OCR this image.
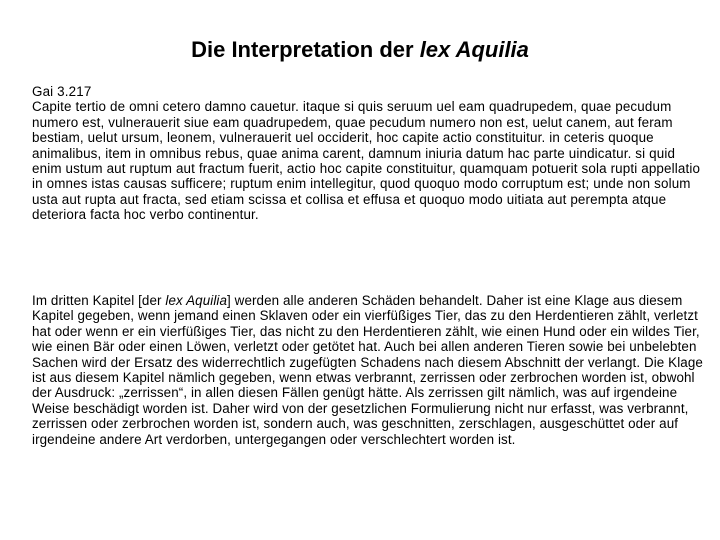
Die Interpretation der lex Aquilia

Gai 3.217

Capite tertio de omni cetero damno cauetur. itaque si quis seruum uel eam quadrupedem, quae pecudum numero est, vulnerauerit siue eam quadrupedem, quae pecudum numero non est, uelut canem, aut feram bestiam, uelut ursum, leonem, vulnerauerit uel occiderit, hoc capite actio constituitur. in ceteris quoque animalibus, item in omnibus rebus, quae anima carent, damnum iniuria datum hac parte uindicatur. si quid enim ustum aut ruptum aut fractum fuerit, actio hoc capite constituitur, quamquam potuerit sola rupti appellatio in omnes istas causas sufficere; ruptum enim intellegitur, quod quoquo modo corruptum est; unde non solum usta aut rupta aut fracta, sed etiam scissa et collisa et effusa et quoquo modo uitiata aut perempta atque deteriora facta hoc verbo continentur.

Im dritten Kapitel [der lex Aquilia] werden alle anderen Schäden behandelt. Daher ist eine Klage aus diesem Kapitel gegeben, wenn jemand einen Sklaven oder ein vierfüßiges Tier, das zu den Herdentieren zählt, verletzt hat oder wenn er ein vierfüßiges Tier, das nicht zu den Herdentieren zählt, wie einen Hund oder ein wildes Tier, wie einen Bär oder einen Löwen, verletzt oder getötet hat. Auch bei allen anderen Tieren sowie bei unbelebten Sachen wird der Ersatz des widerrechtlich zugefügten Schadens nach diesem Abschnitt der verlangt. Die Klage ist aus diesem Kapitel nämlich gegeben, wenn etwas verbrannt, zerrissen oder zerbrochen worden ist, obwohl der Ausdruck: „zerrissen“, in allen diesen Fällen genügt hätte. Als zerrissen gilt nämlich, was auf irgendeine Weise beschädigt worden ist. Daher wird von der gesetzlichen Formulierung nicht nur erfasst, was verbrannt, zerrissen oder zerbrochen worden ist, sondern auch, was geschnitten, zerschlagen, ausgeschüttet oder auf irgendeine andere Art verdorben, untergegangen oder verschlechtert worden ist.
